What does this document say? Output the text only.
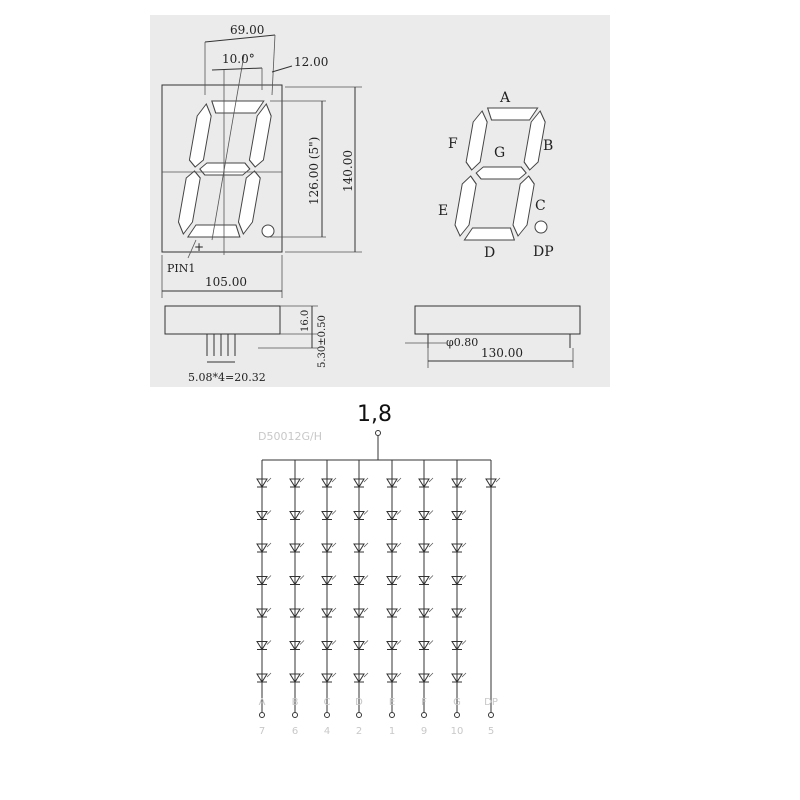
+
69.00
10.0°	12.00
126.00 (5") 140.00
105.00
PIN1
16.0 5.30±0.50
5.08*4=20.32
A
B
C
D
E
F
G
DP
φ0.80
130.00
1,8
D50012G/H
A
7
B
6
C
4
D
2
E
1
F
9
G
10
DP
5
